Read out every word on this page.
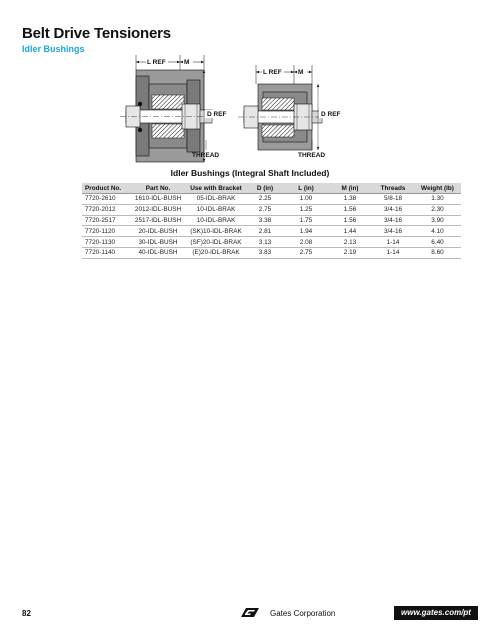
Belt Drive Tensioners
Idler Bushings
L REF	M
D REF
THREAD
L REF	M
D REF
THREAD
Idler Bushings (Integral Shaft Included)
Product No.	Part No.	Use with Bracket	D (in)	L (in)	M (in)	Threads	Weight (lb)
7720-2610	1610-IDL-BUSH	05-IDL-BRAK	2.25	1.00	1.38	5/8-18	1.30
7720-2012	2012-IDL-BUSH	10-IDL-BRAK	2.75	1.25	1.56	3/4-16	2.30
7720-2517	2517-IDL-BUSH	10-IDL-BRAK	3.38	1.75	1.56	3/4-16	3.90
7720-1120	20-IDL-BUSH	(SK)10-IDL-BRAK	2.81	1.94	1.44	3/4-16	4.10
7720-1130	30-IDL-BUSH	(SF)20-IDL-BRAK	3.13	2.08	2.13	1-14	6.40
7720-1140	40-IDL-BUSH	(E)20-IDL-BRAK	3.83	2.75	2.19	1-14	8.60
82	Gates Corporation	www.gates.com/pt
